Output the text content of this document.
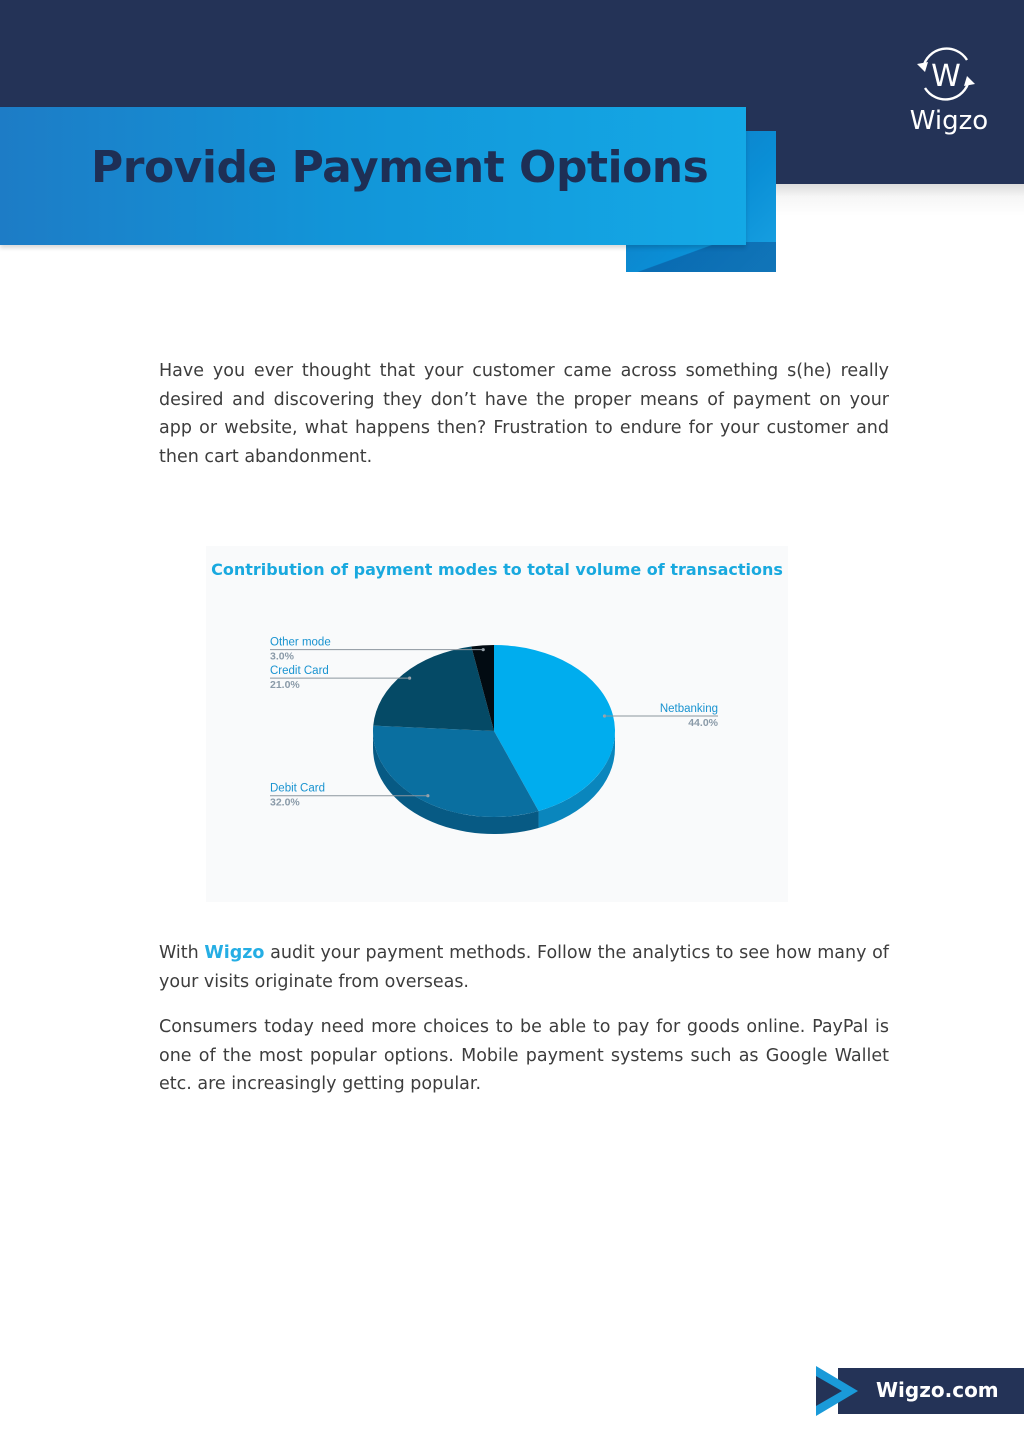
Provide Payment Options
W
Wigzo

Have you ever thought that your customer came across something s(he) really desired and discovering they don’t have the proper means of payment on your app or website, what happens then? Frustration to endure for your customer and then cart abandonment.

Contribution of payment modes to total volume of transactions
Netbanking
44.0%
Debit Card
32.0%
Credit Card
21.0%
Other mode
3.0%

With Wigzo audit your payment methods. Follow the analytics to see how many of your visits originate from overseas.

Consumers today need more choices to be able to pay for goods online. PayPal is one of the most popular options. Mobile payment systems such as Google Wallet etc. are increasingly getting popular.

Wigzo.com
